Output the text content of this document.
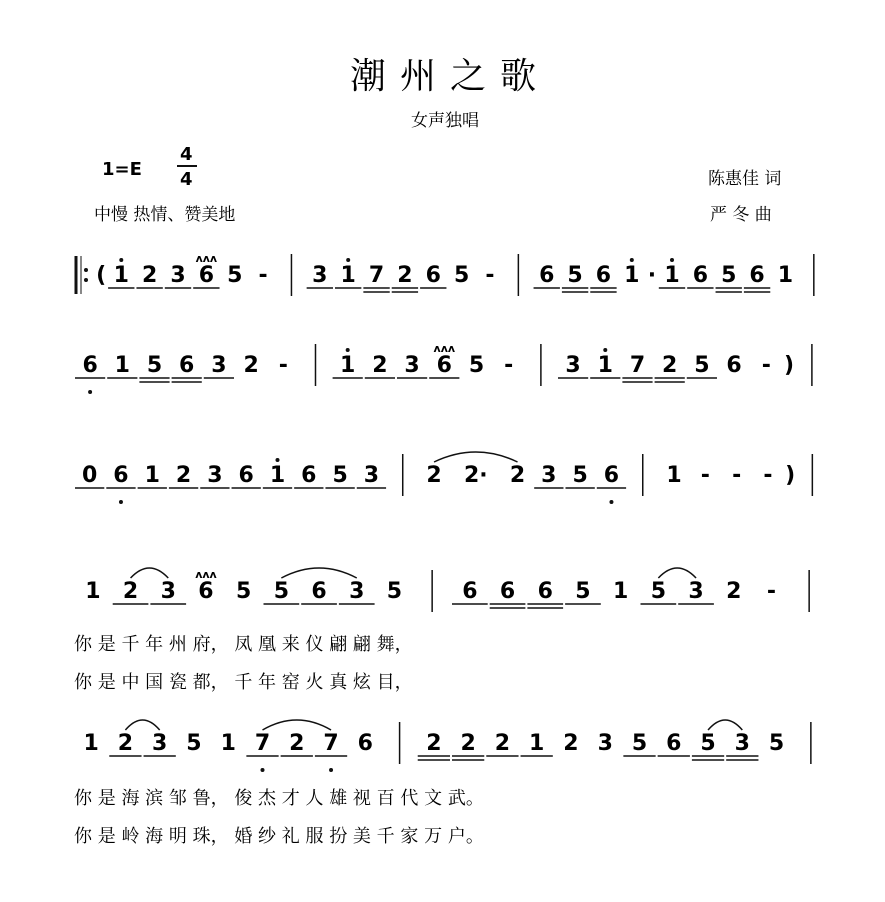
潮州之歌
女声独唱
1=E
4
4
中慢 热情、赞美地
陈惠佳 词
严 冬 曲
( 1 2 3 6
ᴧᴧᴧ
5 - 3 1 7 2 6 5 - 6 5 6 1 · 1 6 5 6 1
6 1 5 6 3 2 - 1 2 3 6
ᴧᴧᴧ
5 - 3 1 7 2 5 6 - )
0 6 1 2 3 6 1 6 5 3 2 2· 2 3 5 6 1 - - - )
1 2 3 6
ᴧᴧᴧ
5 5 6 3 5	6 6 6 5 1 5 3 2 -
你 是 千 年 州 府， 凤 凰 来 仪 翩 翩 舞，
你 是 中 国 瓷 都， 千 年 窑 火 真 炫 目，
1 2 3 5 1 7 2 7 6 2 2 2 1 2 3 5 6 5 3 5
你 是 海 滨 邹 鲁， 俊 杰 才 人 雄 视 百 代 文 武。
你 是 岭 海 明 珠， 婚 纱 礼 服 扮 美 千 家 万 户。
